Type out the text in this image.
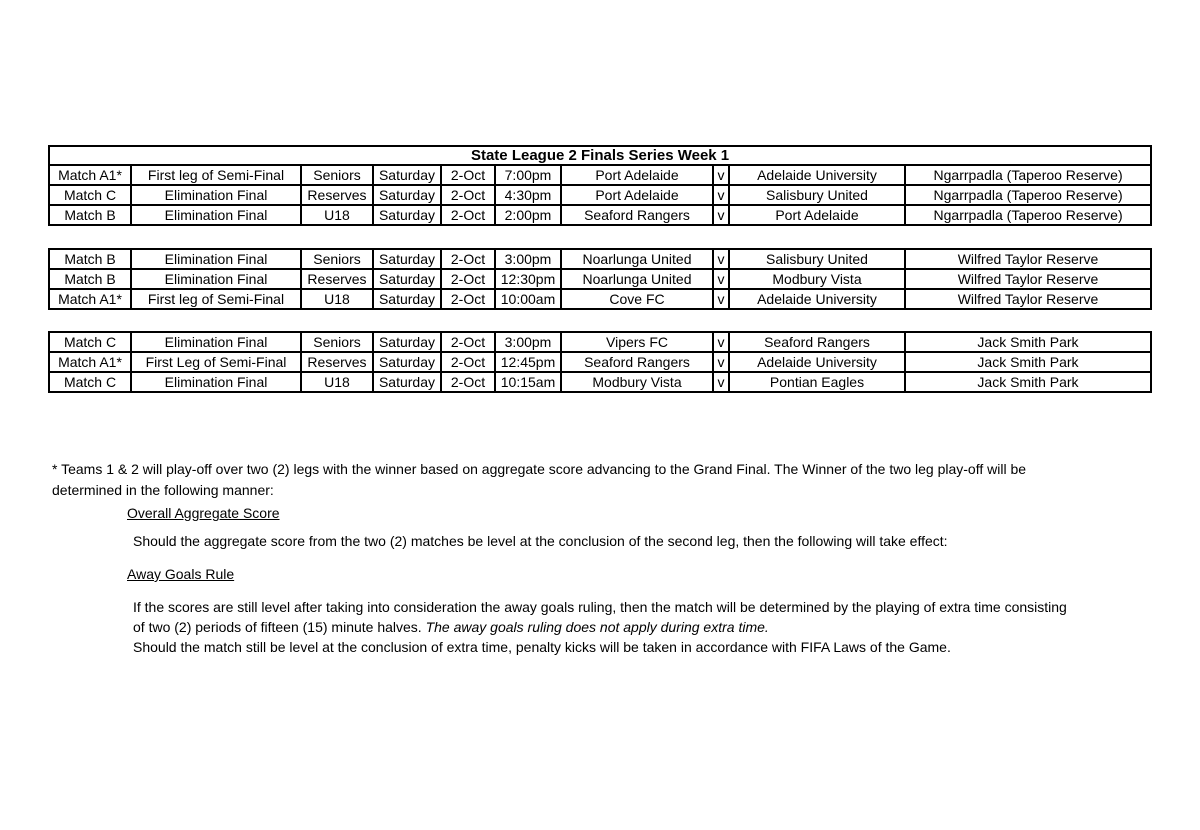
State League 2 Finals Series Week 1									
Match A1*	First leg of Semi-Final	Seniors	Saturday	2-Oct	7:00pm	Port Adelaide	v	Adelaide University	Ngarrpadla (Taperoo Reserve)
Match C	Elimination Final	Reserves	Saturday	2-Oct	4:30pm	Port Adelaide	v	Salisbury United	Ngarrpadla (Taperoo Reserve)
Match B	Elimination Final	U18	Saturday	2-Oct	2:00pm	Seaford Rangers	v	Port Adelaide	Ngarrpadla (Taperoo Reserve)
Match B	Elimination Final	Seniors	Saturday	2-Oct	3:00pm	Noarlunga United	v	Salisbury United	Wilfred Taylor Reserve
Match B	Elimination Final	Reserves	Saturday	2-Oct	12:30pm	Noarlunga United	v	Modbury Vista	Wilfred Taylor Reserve
Match A1*	First leg of Semi-Final	U18	Saturday	2-Oct	10:00am	Cove FC	v	Adelaide University	Wilfred Taylor Reserve
Match C	Elimination Final	Seniors	Saturday	2-Oct	3:00pm	Vipers FC	v	Seaford Rangers	Jack Smith Park
Match A1*	First Leg of Semi-Final	Reserves	Saturday	2-Oct	12:45pm	Seaford Rangers	v	Adelaide University	Jack Smith Park
Match C	Elimination Final	U18	Saturday	2-Oct	10:15am	Modbury Vista	v	Pontian Eagles	Jack Smith Park
* Teams 1 & 2 will play-off over two (2) legs with the winner based on aggregate score advancing to the Grand Final. The Winner of the two leg play-off will be
determined in the following manner:
Overall Aggregate Score
Should the aggregate score from the two (2) matches be level at the conclusion of the second leg, then the following will take effect:
Away Goals Rule
If the scores are still level after taking into consideration the away goals ruling, then the match will be determined by the playing of extra time consisting
of two (2) periods of fifteen (15) minute halves. The away goals ruling does not apply during extra time.
Should the match still be level at the conclusion of extra time, penalty kicks will be taken in accordance with FIFA Laws of the Game.
